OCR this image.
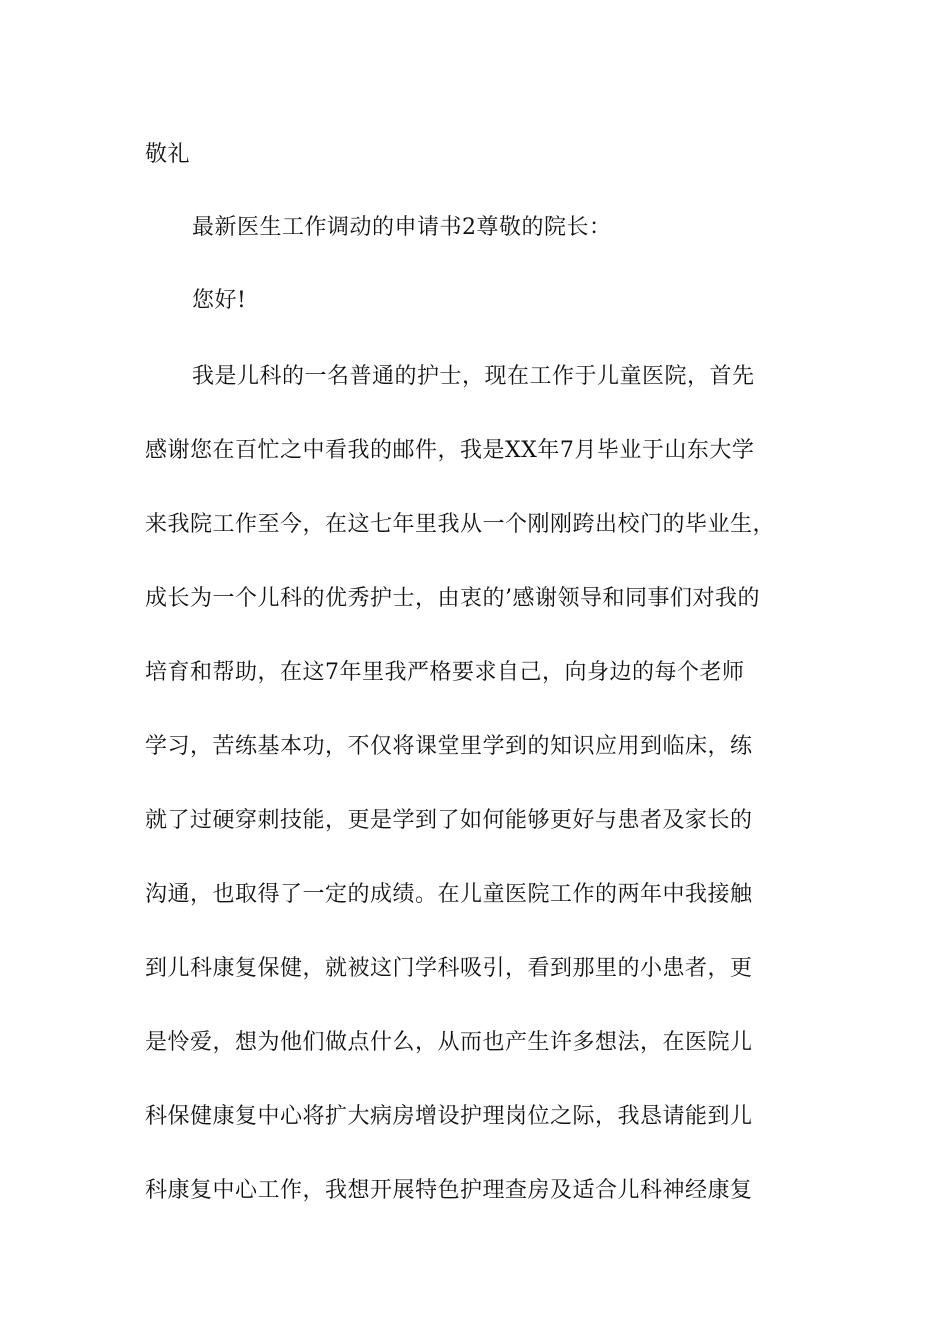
敬礼
最新医生工作调动的申请书2尊敬的院长：
您好!
我是儿科的一名普通的护士，现在工作于儿童医院，首先
感谢您在百忙之中看我的邮件，我是XX年7月毕业于山东大学
来我院工作至今，在这七年里我从一个刚刚跨出校门的毕业生，
成长为一个儿科的优秀护士，由衷的’感谢领导和同事们对我的
培育和帮助，在这7年里我严格要求自己，向身边的每个老师
学习，苦练基本功，不仅将课堂里学到的知识应用到临床，练
就了过硬穿刺技能，更是学到了如何能够更好与患者及家长的
沟通，也取得了一定的成绩。在儿童医院工作的两年中我接触
到儿科康复保健，就被这门学科吸引，看到那里的小患者，更
是怜爱，想为他们做点什么，从而也产生许多想法，在医院儿
科保健康复中心将扩大病房增设护理岗位之际，我恳请能到儿
科康复中心工作，我想开展特色护理查房及适合儿科神经康复
